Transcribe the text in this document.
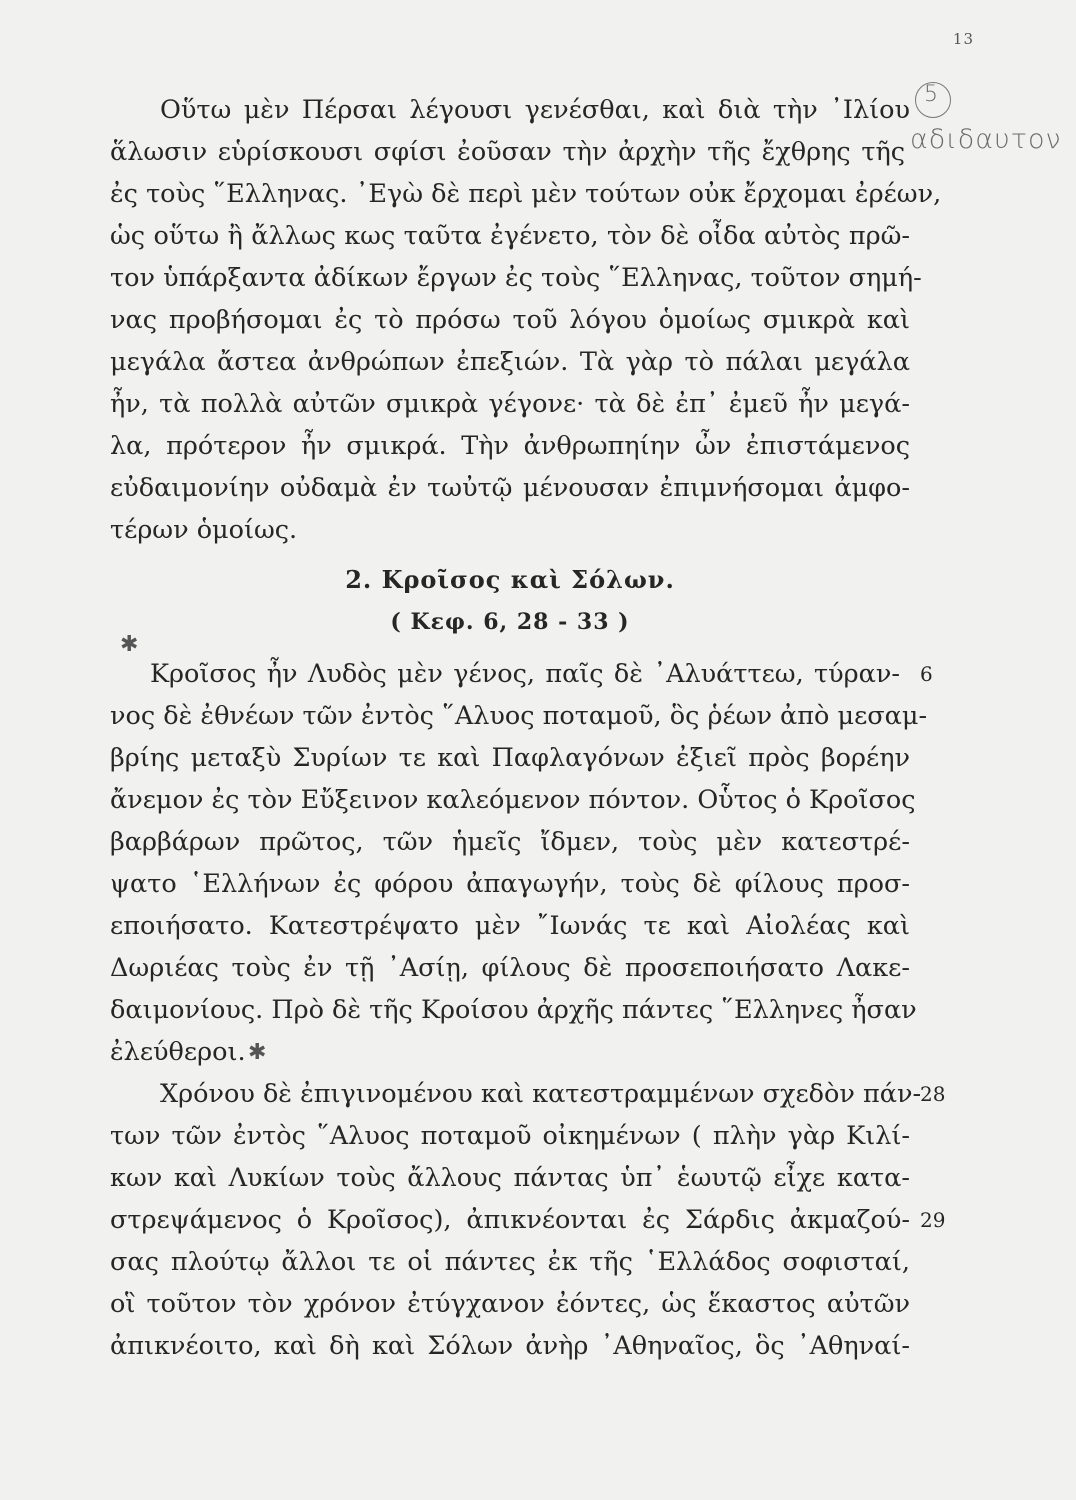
13
5
αδιδαυτον
Οὕτω μὲν Πέρσαι λέγουσι γενέσθαι, καὶ διὰ τὴν ᾿Ιλίου
ἅλωσιν εὑρίσκουσι σφίσι ἐοῦσαν τὴν ἀρχὴν τῆς ἔχθρης τῆς
ἐς τοὺς ῞Ελληνας. ᾿Εγὼ δὲ περὶ μὲν τούτων οὐκ ἔρχομαι ἐρέων,
ὡς οὕτω ἢ ἄλλως κως ταῦτα ἐγένετο, τὸν δὲ οἶδα αὐτὸς πρῶ-
τον ὑπάρξαντα ἀδίκων ἔργων ἐς τοὺς ῞Ελληνας, τοῦτον σημή-
νας προβήσομαι ἐς τὸ πρόσω τοῦ λόγου ὁμοίως σμικρὰ καὶ
μεγάλα ἄστεα ἀνθρώπων ἐπεξιών. Τὰ γὰρ τὸ πάλαι μεγάλα
ἦν, τὰ πολλὰ αὐτῶν σμικρὰ γέγονε· τὰ δὲ ἐπ᾿ ἐμεῦ ἦν μεγά-
λα, πρότερον ἦν σμικρά. Τὴν ἀνθρωπηίην ὦν ἐπιστάμενος
εὐδαιμονίην οὐδαμὰ ἐν τωὐτῷ μένουσαν ἐπιμνήσομαι ἀμφο-
τέρων ὁμοίως.
2. Κροῖσος καὶ Σόλων.
( Κεφ. 6, 28 - 33 )
✱
Κροῖσος ἦν Λυδὸς μὲν γένος, παῖς δὲ ᾿Αλυάττεω, τύραν- 6
νος δὲ ἐθνέων τῶν ἐντὸς ῞Αλυος ποταμοῦ, ὃς ῥέων ἀπὸ μεσαμ-
βρίης μεταξὺ Συρίων τε καὶ Παφλαγόνων ἐξιεῖ πρὸς βορέην
ἄνεμον ἐς τὸν Εὔξεινον καλεόμενον πόντον. Οὗτος ὁ Κροῖσος
βαρβάρων πρῶτος, τῶν ἡμεῖς ἴδμεν, τοὺς μὲν κατεστρέ-
ψατο ῾Ελλήνων ἐς φόρου ἀπαγωγήν, τοὺς δὲ φίλους προσ-
εποιήσατο. Κατεστρέψατο μὲν ῎Ιωνάς τε καὶ Αἰολέας καὶ
Δωριέας τοὺς ἐν τῇ ᾿Ασίῃ, φίλους δὲ προσεποιήσατο Λακε-
δαιμονίους. Πρὸ δὲ τῆς Κροίσου ἀρχῆς πάντες ῞Ελληνες ἦσαν
ἐλεύθεροι. ✱
Χρόνου δὲ ἐπιγινομένου καὶ κατεστραμμένων σχεδὸν πάν-
28
των τῶν ἐντὸς ῞Αλυος ποταμοῦ οἰκημένων ( πλὴν γὰρ Κιλί-
κων καὶ Λυκίων τοὺς ἄλλους πάντας ὑπ᾿ ἑωυτῷ εἶχε κατα-
στρεψάμενος ὁ Κροῖσος), ἀπικνέονται ἐς Σάρδις ἀκμαζού- 29
σας πλούτῳ ἄλλοι τε οἱ πάντες ἐκ τῆς ῾Ελλάδος σοφισταί,
οἳ τοῦτον τὸν χρόνον ἐτύγχανον ἐόντες, ὡς ἕκαστος αὐτῶν
ἀπικνέοιτο, καὶ δὴ καὶ Σόλων ἀνὴρ ᾿Αθηναῖος, ὃς ᾿Αθηναί-
